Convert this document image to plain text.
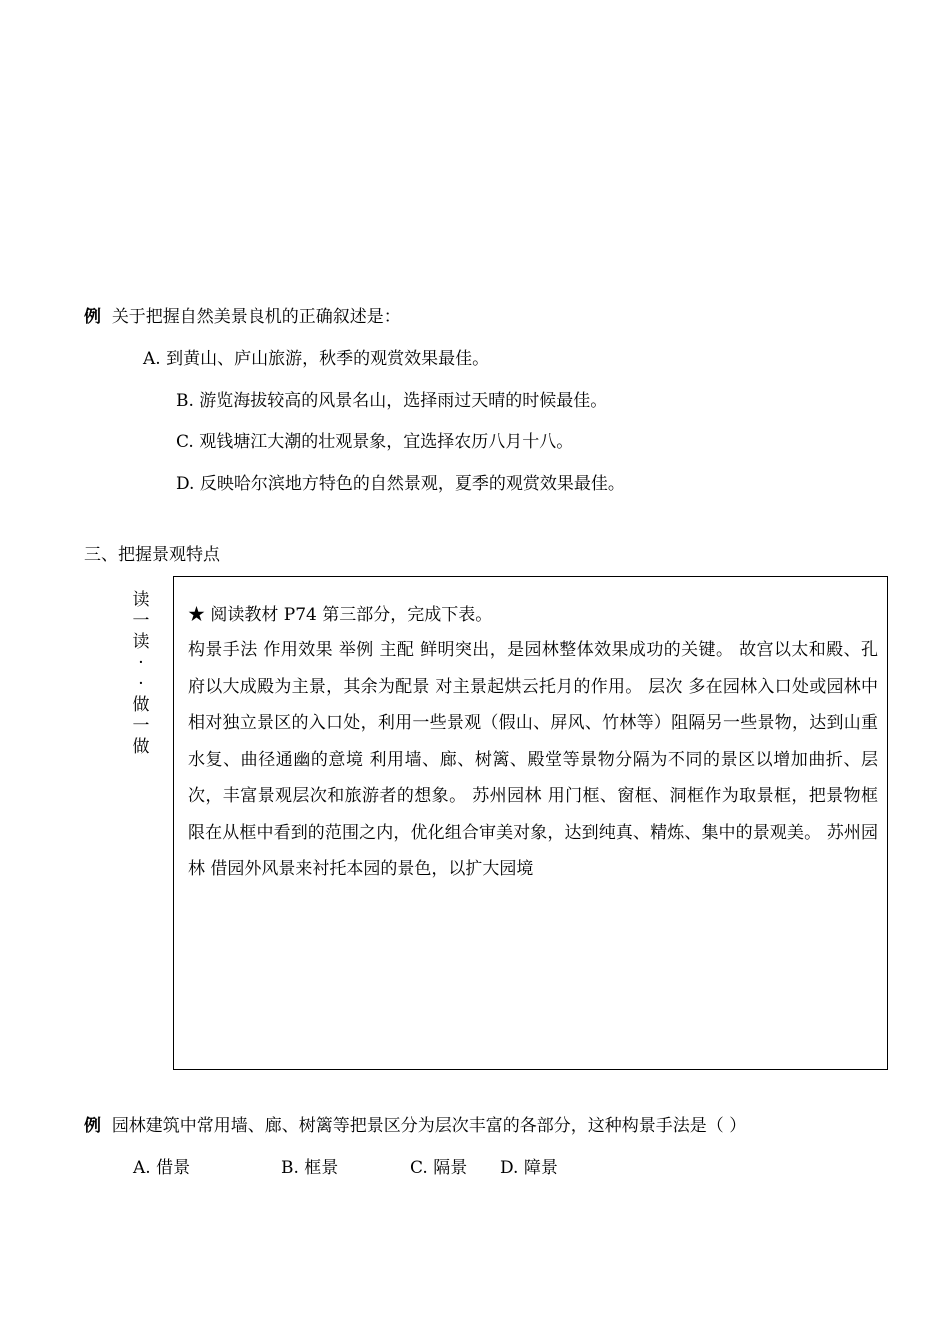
例 关于把握自然美景良机的正确叙述是：
A. 到黄山、庐山旅游，秋季的观赏效果最佳。
B. 游览海拔较高的风景名山，选择雨过天晴的时候最佳。
C. 观钱塘江大潮的壮观景象，宜选择农历八月十八。
D. 反映哈尔滨地方特色的自然景观，夏季的观赏效果最佳。
三、把握景观特点
读
一
读
·
·
做
一
做
★ 阅读教材 P74 第三部分，完成下表。
构景手法 作用效果 举例 主配 鲜明突出，是园林整体效果成功的关键。 故宫以太和殿、孔府以大成殿为主景，其余为配景 对主景起烘云托月的作用。 层次 多在园林入口处或园林中相对独立景区的入口处，利用一些景观（假山、屏风、竹林等）阻隔另一些景物，达到山重水复、曲径通幽的意境 利用墙、廊、树篱、殿堂等景物分隔为不同的景区以增加曲折、层次，丰富景观层次和旅游者的想象。 苏州园林 用门框、窗框、洞框作为取景框，把景物框限在从框中看到的范围之内，优化组合审美对象，达到纯真、精炼、集中的景观美。 苏州园林 借园外风景来衬托本园的景色，以扩大园境
例 园林建筑中常用墙、廊、树篱等把景区分为层次丰富的各部分，这种构景手法是（ ）
A. 借景	B. 框景	C. 隔景 D. 障景
